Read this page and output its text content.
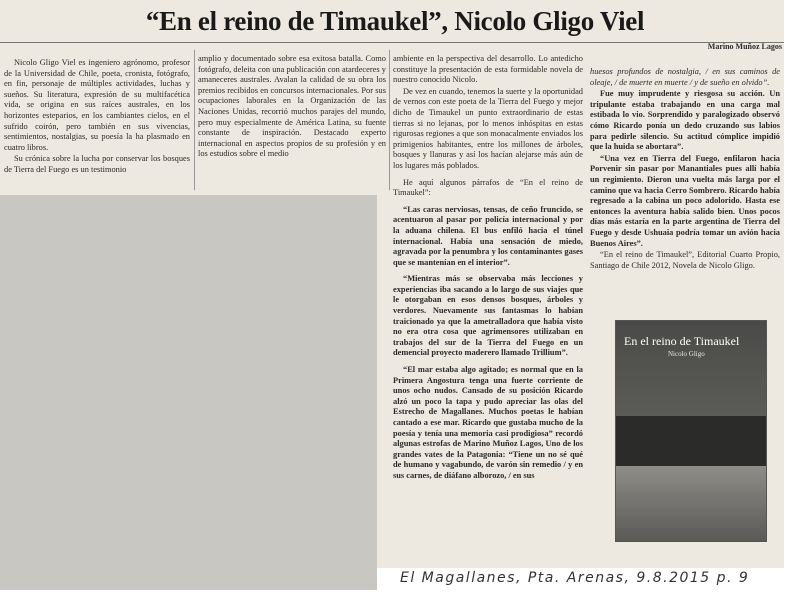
“En el reino de Timaukel”, Nicolo Gligo Viel
Marino Muñoz Lagos

Nicolo Gligo Viel es ingeniero agrónomo, profesor de la Universidad de Chile, poeta, cronista, fotógrafo, en fin, personaje de múltiples actividades, luchas y sueños. Su literatura, expresión de su multifacética vida, se origina en sus raíces australes, en los horizontes esteparios, en los cambiantes cielos, en el sufrido coirón, pero también en sus vivencias, sentimientos, nostalgias, su poesía la ha plasmado en cuatro libros.

Su crónica sobre la lucha por conservar los bosques de Tierra del Fuego es un testimonio

amplio y documentado sobre esa exitosa batalla. Como fotógrafo, deleita con una publicación con atardeceres y amaneceres australes. Avalan la calidad de su obra los premios recibidos en concursos internacionales. Por sus ocupaciones laborales en la Organización de las Naciones Unidas, recorrió muchos parajes del mundo, pero muy especialmente de América Latina, su fuente constante de inspiración. Destacado experto internacional en aspectos propios de su profesión y en los estudios sobre el medio

ambiente en la perspectiva del desarrollo. Lo antedicho constituye la presentación de esta formidable novela de nuestro conocido Nicolo.

De vez en cuando, tenemos la suerte y la oportunidad de vernos con este poeta de la Tierra del Fuego y mejor dicho de Timaukel un punto extraordinario de estas tierras si no lejanas, por lo menos inhóspitas en estas rigurosas regiones a que son monacalmente enviados los primigenios habitantes, entre los millones de árboles, bosques y llanuras y así los hacían alejarse más aún de los lugares más poblados.

He aquí algunos párrafos de “En el reino de Timaukel”:

“Las caras nerviosas, tensas, de ceño fruncido, se acentuaron al pasar por policía internacional y por la aduana chilena. El bus enfiló hacia el túnel internacional. Había una sensación de miedo, agravada por la penumbra y los contaminantes gases que se mantenían en el interior”.

“Mientras más se observaba más lecciones y experiencias iba sacando a lo largo de sus viajes que le otorgaban en esos densos bosques, árboles y verdores. Nuevamente sus fantasmas lo habían traicionado ya que la ametralladora que había visto no era otra cosa que agrimensores utilizaban en trabajos del sur de la Tierra del Fuego en un demencial proyecto maderero llamado Trillium”.

“El mar estaba algo agitado; es normal que en la Primera Angostura tenga una fuerte corriente de unos ocho nudos. Cansado de su posición Ricardo alzó un poco la tapa y pudo apreciar las olas del Estrecho de Magallanes. Muchos poetas le habían cantado a ese mar. Ricardo que gustaba mucho de la poesía y tenía una memoria casi prodigiosa” recordó algunas estrofas de Marino Muñoz Lagos, Uno de los grandes vates de la Patagonia: “Tiene un no sé qué de humano y vagabundo, de varón sin remedio / y en sus carnes, de diáfano alborozo, / en sus

huesos profundos de nostalgia, / en sus caminos de oleaje, / de muerte en muerte / y de sueño en olvido”.

Fue muy imprudente y riesgosa su acción. Un tripulante estaba trabajando en una carga mal estibada lo vio. Sorprendido y paralogizado observó cómo Ricardo ponía un dedo cruzando sus labios para pedirle silencio. Su actitud cómplice impidió que la huida se abortara”.

“Una vez en Tierra del Fuego, enfilaron hacia Porvenir sin pasar por Manantiales pues allí había un regimiento. Dieron una vuelta más larga por el camino que va hacia Cerro Sombrero. Ricardo había regresado a la cabina un poco adolorido. Hasta ese entonces la aventura había salido bien. Unos pocos días más estaría en la parte argentina de Tierra del Fuego y desde Ushuaia podría tomar un avión hacia Buenos Aires”.

“En el reino de Timaukel”, Editorial Cuarto Propio, Santiago de Chile 2012, Novela de Nicolo Gligo.

En el reino de Timaukel
Nicolo Gligo
El Magallanes, Pta. Arenas, 9.8.2015 p. 9
